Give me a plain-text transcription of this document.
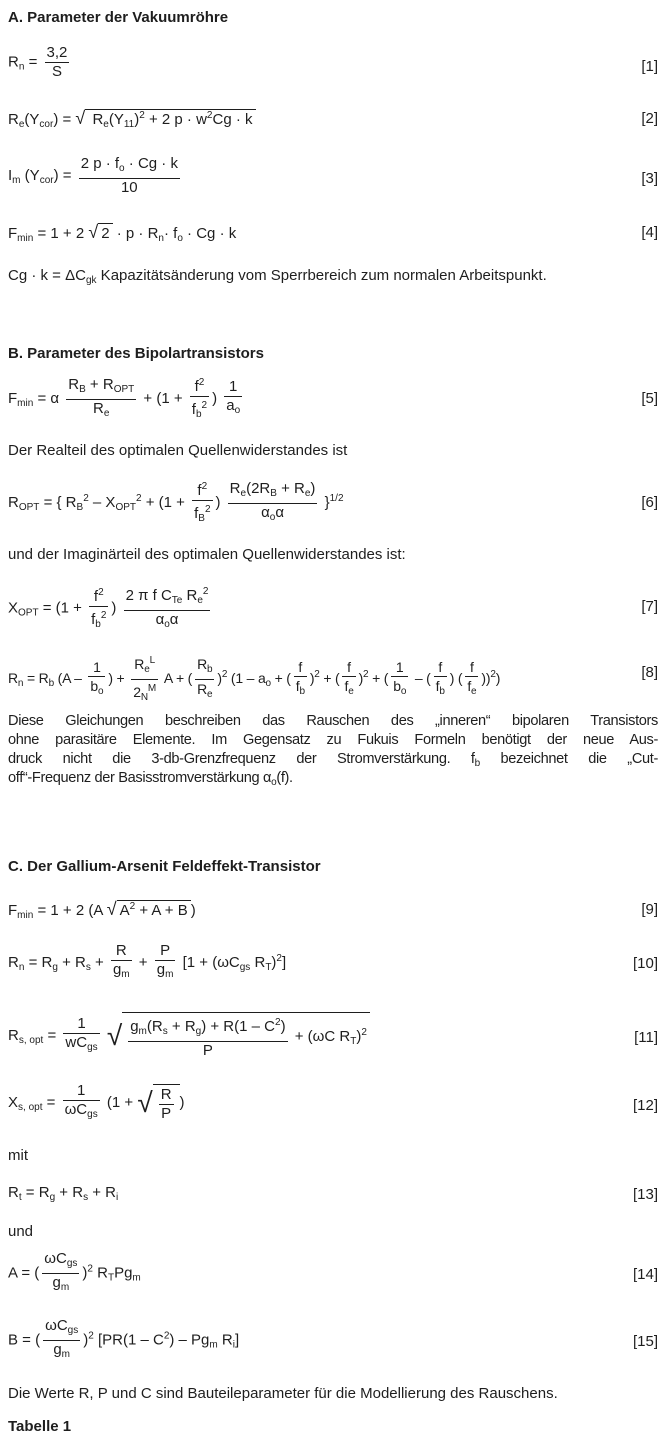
A. Parameter der Vakuumröhre
$R_n = \frac{3,2}{S}$	[1]
$R_e(Y_{cor})$ = √ $R_e(Y_{11})^2 + 2$ $p \cdot w^2Cg \cdot k$	[2]
$I_m$ $(Y_{cor}) = \frac{2 p \cdot f_o \cdot Cg \cdot k}{10}$	[3]
$F_{min} = 1 + 2$ √ $2 \cdot p \cdot R_n\cdot f_o \cdot Cg \cdot k$	[4]
$Cg \cdot k = \Delta C_{gk}$ Kapazitätsänderung vom Sperrbereich zum normalen Arbeitspunkt.
B. Parameter des Bipolartransistors
$F_{min} = \alpha \frac{R_B + R_{OPT}}{R_e} + (1 + \frac{f^2}{f_b^2}$ ) $\frac{1}{a_o}$	[5]
Der Realteil des optimalen Quellenwiderstandes ist
$R_{OPT}$ = { $R_B^2 - X_{OPT}^2 + (1 + \frac{f^2}{f_B^2}$ ) $\frac{R_e(2R_B + R_e)}{\alpha_o\alpha} \}^{1/2}$	[6]
und der Imaginärteil des optimalen Quellenwiderstandes ist:
$X_{OPT} = (1 + \frac{f^2}{f_b^2}$ ) $\frac{2 \pi f C_{Te} R_e^2}{\alpha_o\alpha}$	[7]
$R_n = R_b$ ($A - \frac{1}{b_o}$ ) + $\frac{R_e^L}{2_N^M}$ A + ( $\frac{R_b}{R_e} )^2$ ($1 - a_o$ + ( $\frac{f}{f_b} )^2$ + ( $\frac{f}{f_e} )^2$ + ( $\frac{1}{b_o}$ – ( $\frac{f}{f_b}$ ) ( $\frac{f}{f_e} ))^2$)	[8]
Diese Gleichungen beschreiben das Rauschen des „inneren“ bipolaren Transistors
ohne parasitäre Elemente. Im Gegensatz zu Fukuis Formeln benötigt der neue Aus-
druck nicht die 3-db-Grenzfrequenz der Stromverstärkung. $f_b$ bezeichnet die „Cut-
off“-Frequenz der Basisstromverstärkung $\alpha_o(f)$.
C. Der Gallium-Arsenit Feldeffekt-Transistor
$F_{min} = 1 + 2$ (A √ $A^2 + A + B$ )	[9]
$R_n = R_g + R_s + \frac{R}{g_m} + \frac{P}{g_m} [1 + (\omega C_{gs}$ $R_T)^2$]	[10]
$R_{s, opt} = \frac{1}{wC_{gs}}$ √ $\frac{g_m(R_s + R_g) + R(1 - C^2)}{P} + (\omega C$ $R_T)^2$	[11]
$X_{s, opt} = \frac{1}{\omega C_{gs}} (1$ + √ $\frac{R}{P}$ )	[12]
mit
$R_t = R_g + R_s + R_i$	[13]
und
A = ( $\frac{\omega C_{gs}}{g_m} )^2$ $R_TPg_m$	[14]
B = ( $\frac{\omega C_{gs}}{g_m} )^2$ [$PR(1 - C^2) - Pg_m$ $R_i$]	[15]
Die Werte R, P und C sind Bauteileparameter für die Modellierung des Rauschens.
Tabelle 1
